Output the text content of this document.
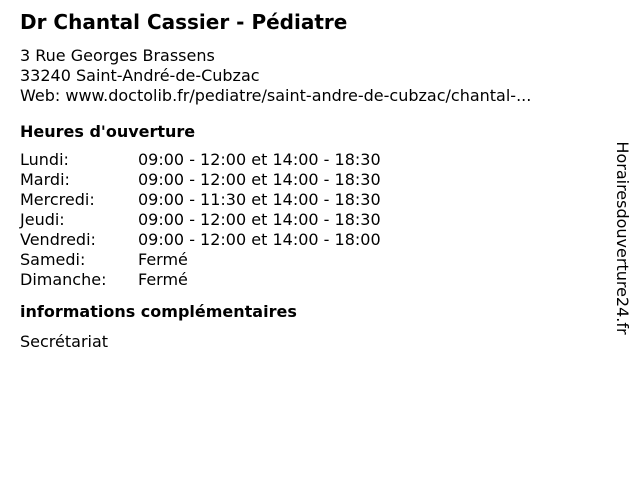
Dr Chantal Cassier - Pédiatre
3 Rue Georges Brassens
33240 Saint-André-de-Cubzac
Web: www.doctolib.fr/pediatre/saint-andre-de-cubzac/chantal-...
Heures d'ouverture
Lundi:	09:00 - 12:00 et 14:00 - 18:30
Mardi:	09:00 - 12:00 et 14:00 - 18:30
Mercredi:	09:00 - 11:30 et 14:00 - 18:30
Jeudi:	09:00 - 12:00 et 14:00 - 18:30
Vendredi:	09:00 - 12:00 et 14:00 - 18:00
Samedi:	Fermé
Dimanche:	Fermé
informations complémentaires
Secrétariat
Horairesdouverture24.fr
